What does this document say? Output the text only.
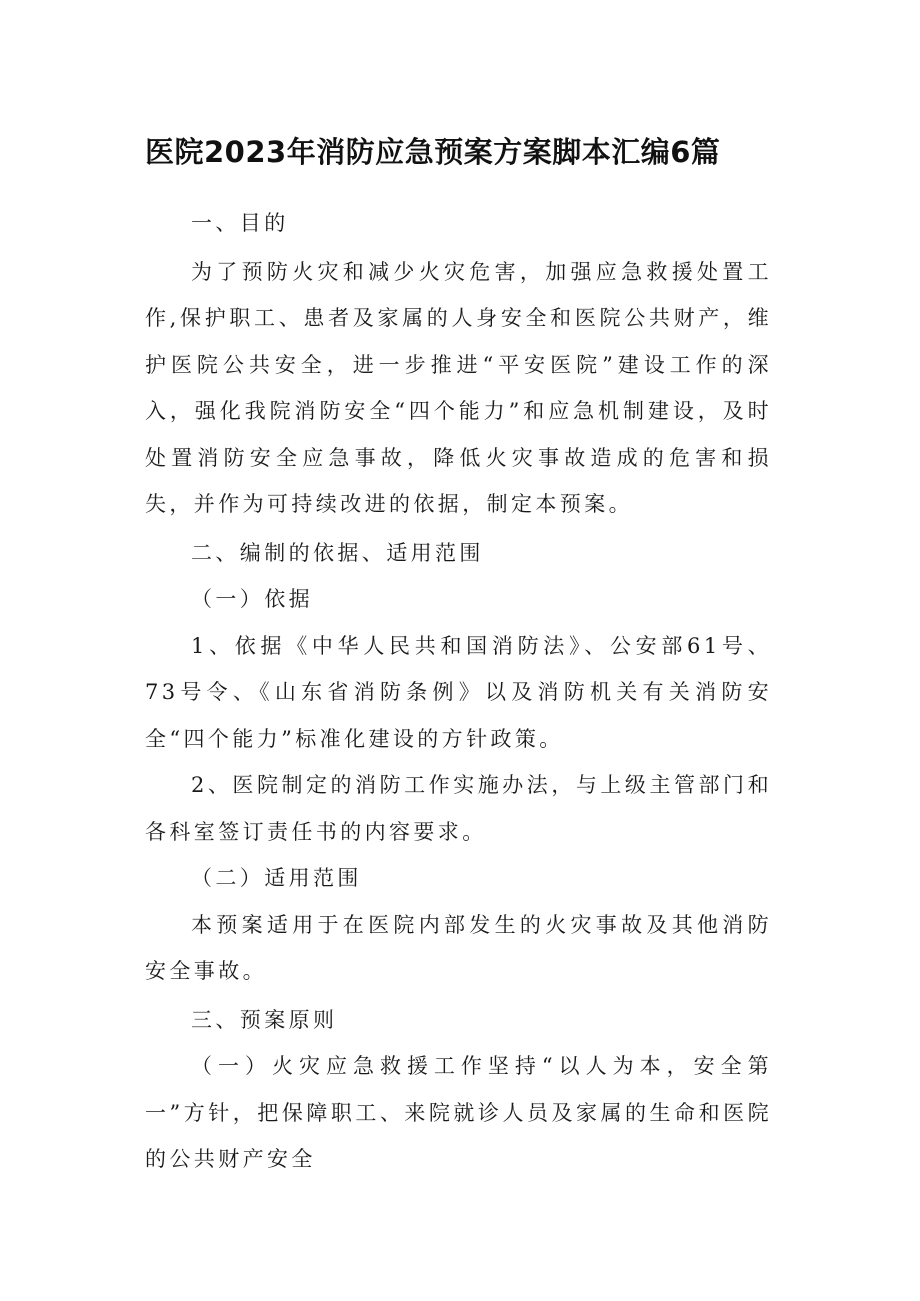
医院2023年消防应急预案方案脚本汇编6篇

一、目的

为了预防火灾和减少火灾危害，加强应急救援处置工作,保护职工、患者及家属的人身安全和医院公共财产，维护医院公共安全，进一步推进“平安医院”建设工作的深入，强化我院消防安全“四个能力”和应急机制建设，及时处置消防安全应急事故，降低火灾事故造成的危害和损失，并作为可持续改进的依据，制定本预案。

二、编制的依据、适用范围

（一）依据

1、依据《中华人民共和国消防法》、公安部61号、73号令、《山东省消防条例》以及消防机关有关消防安全“四个能力”标准化建设的方针政策。

2、医院制定的消防工作实施办法，与上级主管部门和各科室签订责任书的内容要求。

（二）适用范围

本预案适用于在医院内部发生的火灾事故及其他消防安全事故。

三、预案原则

（一）火灾应急救援工作坚持“以人为本，安全第一”方针，把保障职工、来院就诊人员及家属的生命和医院的公共财产安全
